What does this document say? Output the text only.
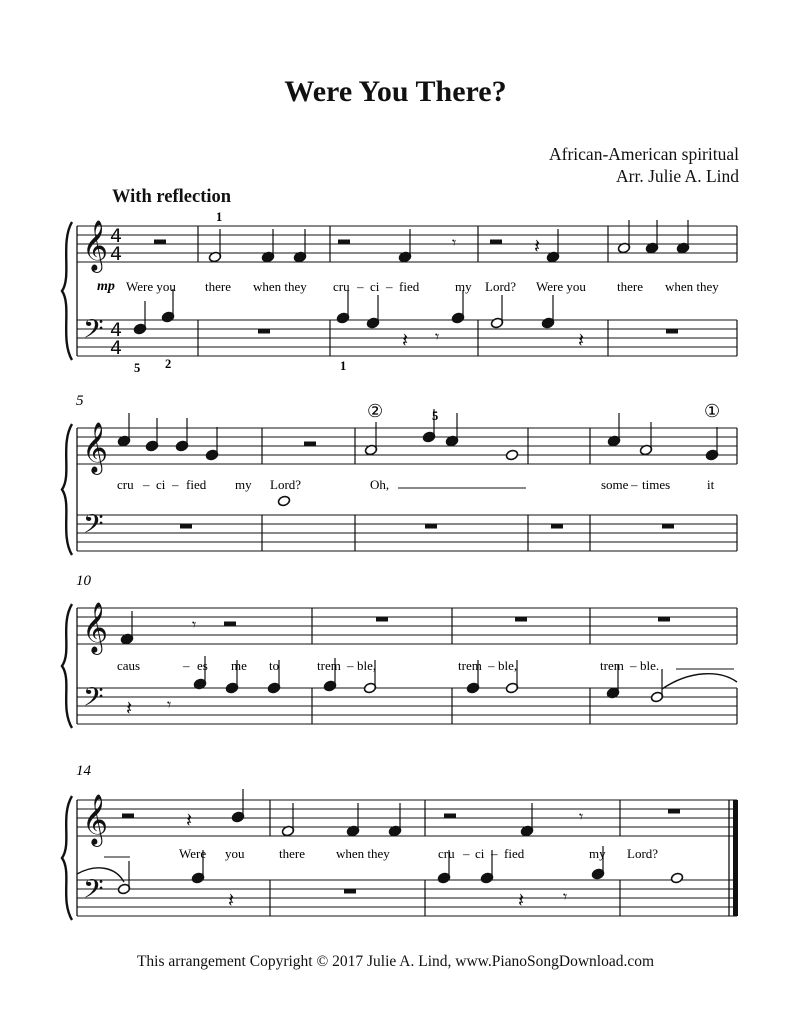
Were You There?
African-American spiritual
Arr. Julie A. Lind
With reflection
𝄞
𝄢
4
4
4
4
𝄞
𝄢
𝄞
𝄢
𝄞
𝄢
𝄾	𝄽
𝄽 𝄾	𝄽
𝄾
𝄽 𝄾
𝄽	𝄾
𝄽	𝄽 𝄾
mp
1
5 2	1
Were you there when they cru – ci – fied	my Lord? Were you there when they
5	②	5	①
cru – ci – fied my Lord?	Oh,	some – times	it
10
caus	– es me to	trem – ble,	trem – ble,	trem – ble.
14
Were you	there when they	cru – ci – fied	my Lord?
This arrangement Copyright © 2017 Julie A. Lind, www.PianoSongDownload.com
